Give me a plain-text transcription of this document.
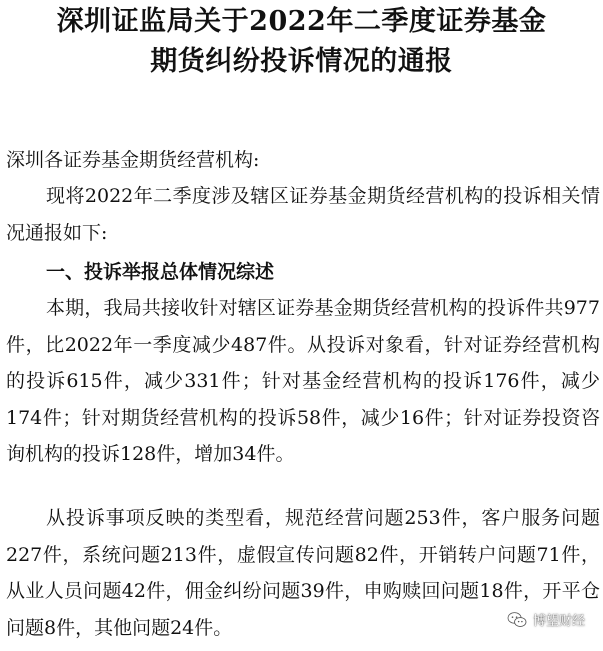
深圳证监局关于2022年二季度证券基金
期货纠纷投诉情况的通报
深圳各证券基金期货经营机构:

现将2022年二季度涉及辖区证券基金期货经营机构的投诉相关情况通报如下:

一、投诉举报总体情况综述

本期，我局共接收针对辖区证券基金期货经营机构的投诉件共977件，比2022年一季度减少487件。从投诉对象看，针对证券经营机构的投诉615件，减少331件；针对基金经营机构的投诉176件，减少174件；针对期货经营机构的投诉58件，减少16件；针对证券投资咨询机构的投诉128件，增加34件。

从投诉事项反映的类型看，规范经营问题253件，客户服务问题227件，系统问题213件，虚假宣传问题82件，开销转户问题71件，从业人员问题42件，佣金纠纷问题39件，申购赎回问题18件，开平仓问题8件，其他问题24件。	博望财经
